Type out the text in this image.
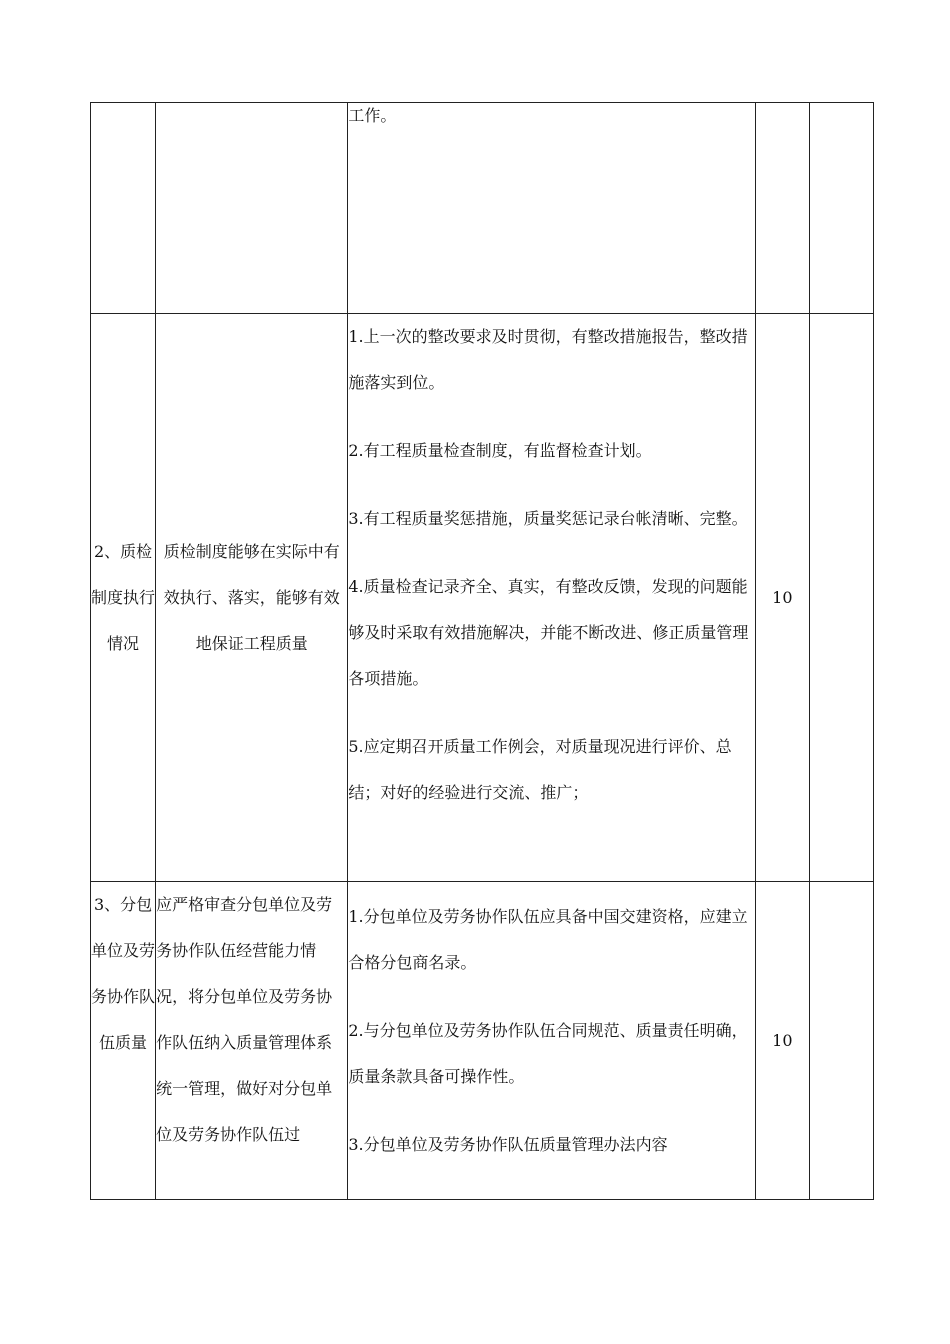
		工作。		

2、质检制度执行情况	质检制度能够在实际中有效执行、落实，能够有效地保证工程质量	1.上一次的整改要求及时贯彻，有整改措施报告，整改措施落实到位。
2.有工程质量检查制度，有监督检查计划。
3.有工程质量奖惩措施，质量奖惩记录台帐清晰、完整。
4.质量检查记录齐全、真实，有整改反馈，发现的问题能够及时采取有效措施解决，并能不断改进、修正质量管理各项措施。
5.应定期召开质量工作例会，对质量现况进行评价、总结；对好的经验进行交流、推广；	10	
3、分包单位及劳务协作队伍质量	应严格审查分包单位及劳务协作队伍经营能力情况，将分包单位及劳务协作队伍纳入质量管理体系统一管理，做好对分包单位及劳务协作队伍过	1.分包单位及劳务协作队伍应具备中国交建资格，应建立合格分包商名录。
2.与分包单位及劳务协作队伍合同规范、质量责任明确，质量条款具备可操作性。
3.分包单位及劳务协作队伍质量管理办法内容	10	
